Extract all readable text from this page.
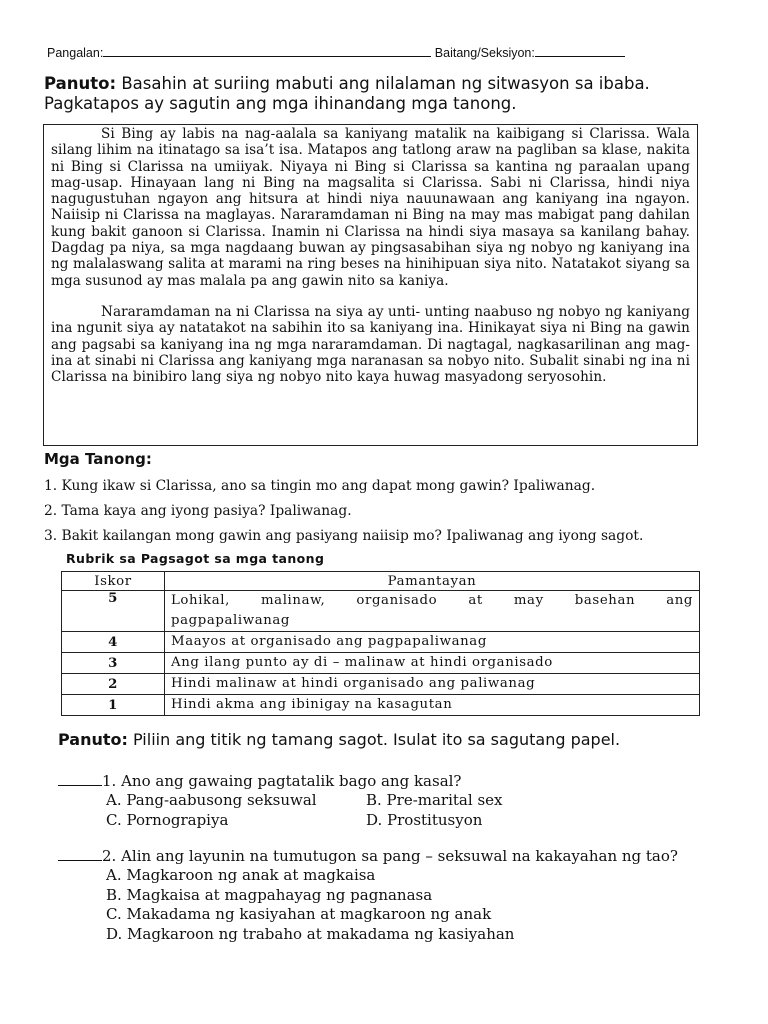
Pangalan:	Baitang/Seksiyon:
Panuto: Basahin at suriing mabuti ang nilalaman ng sitwasyon sa ibaba. Pagkatapos ay sagutin ang mga ihinandang mga tanong.

Si Bing ay labis na nag-aalala sa kaniyang matalik na kaibigang si Clarissa. Wala silang lihim na itinatago sa isa’t isa. Matapos ang tatlong araw na pagliban sa klase, nakita ni Bing si Clarissa na umiiyak. Niyaya ni Bing si Clarissa sa kantina ng paraalan upang mag-usap. Hinayaan lang ni Bing na magsalita si Clarissa. Sabi ni Clarissa, hindi niya nagugustuhan ngayon ang hitsura at hindi niya nauunawaan ang kaniyang ina ngayon. Naiisip ni Clarissa na maglayas. Nararamdaman ni Bing na may mas mabigat pang dahilan kung bakit ganoon si Clarissa. Inamin ni Clarissa na hindi siya masaya sa kanilang bahay. Dagdag pa niya, sa mga nagdaang buwan ay pingsasabihan siya ng nobyo ng kaniyang ina ng malalaswang salita at marami na ring beses na hinihipuan siya nito. Natatakot siyang sa mga susunod ay mas malala pa ang gawin nito sa kaniya.

Nararamdaman na ni Clarissa na siya ay unti- unting naabuso ng nobyo ng kaniyang ina ngunit siya ay natatakot na sabihin ito sa kaniyang ina. Hinikayat siya ni Bing na gawin ang pagsabi sa kaniyang ina ng mga nararamdaman. Di nagtagal, nagkasarilinan ang mag-ina at sinabi ni Clarissa ang kaniyang mga naranasan sa nobyo nito. Subalit sinabi ng ina ni Clarissa na binibiro lang siya ng nobyo nito kaya huwag masyadong seryosohin.

Mga Tanong:
1. Kung ikaw si Clarissa, ano sa tingin mo ang dapat mong gawin? Ipaliwanag.
2. Tama kaya ang iyong pasiya? Ipaliwanag.
3. Bakit kailangan mong gawin ang pasiyang naiisip mo? Ipaliwanag ang iyong sagot.
Rubrik sa Pagsagot sa mga tanong
Iskor	Pamantayan
5	Lohikal, malinaw, organisado at may basehan ang
pagpapaliwanag

4	Maayos at organisado ang pagpapaliwanag
3	Ang ilang punto ay di – malinaw at hindi organisado
2	Hindi malinaw at hindi organisado ang paliwanag
1	Hindi akma ang ibinigay na kasagutan
Panuto: Piliin ang titik ng tamang sagot. Isulat ito sa sagutang papel.
1. Ano ang gawaing pagtatalik bago ang kasal?
A. Pang-aabusong seksuwal	B. Pre-marital sex
C. Pornograpiya	D. Prostitusyon
2. Alin ang layunin na tumutugon sa pang – seksuwal na kakayahan ng tao?
A. Magkaroon ng anak at magkaisa
B. Magkaisa at magpahayag ng pagnanasa
C. Makadama ng kasiyahan at magkaroon ng anak
D. Magkaroon ng trabaho at makadama ng kasiyahan
